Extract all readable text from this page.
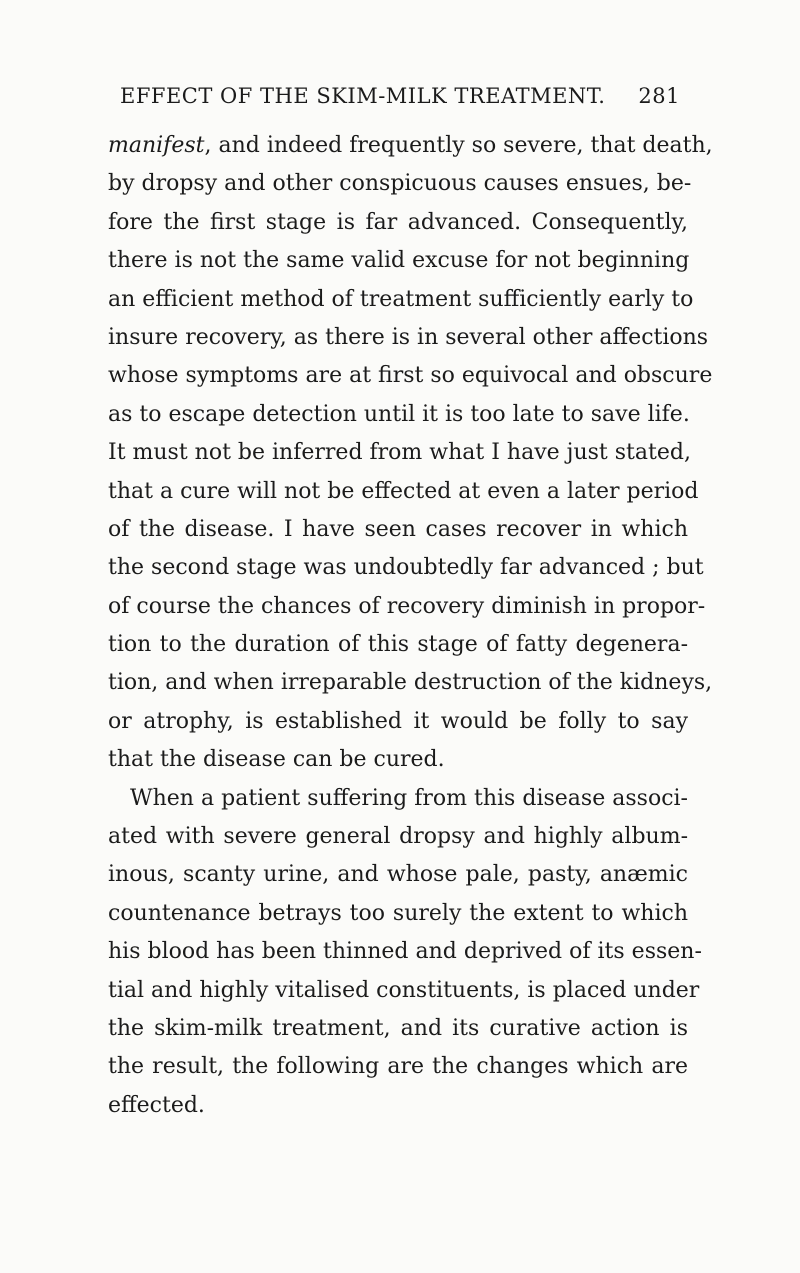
EFFECT OF THE SKIM-MILK TREATMENT. 281
manifest, and indeed frequently so severe, that death,
by dropsy and other conspicuous causes ensues, be-
fore the first stage is far advanced. Consequently,
there is not the same valid excuse for not beginning
an efficient method of treatment sufficiently early to
insure recovery, as there is in several other affections
whose symptoms are at first so equivocal and obscure
as to escape detection until it is too late to save life.
It must not be inferred from what I have just stated,
that a cure will not be effected at even a later period
of the disease. I have seen cases recover in which
the second stage was undoubtedly far advanced ; but
of course the chances of recovery diminish in propor-
tion to the duration of this stage of fatty degenera-
tion, and when irreparable destruction of the kidneys,
or atrophy, is established it would be folly to say
that the disease can be cured.
When a patient suffering from this disease associ-
ated with severe general dropsy and highly album-
inous, scanty urine, and whose pale, pasty, anæmic
countenance betrays too surely the extent to which
his blood has been thinned and deprived of its essen-
tial and highly vitalised constituents, is placed under
the skim-milk treatment, and its curative action is
the result, the following are the changes which are
effected.
